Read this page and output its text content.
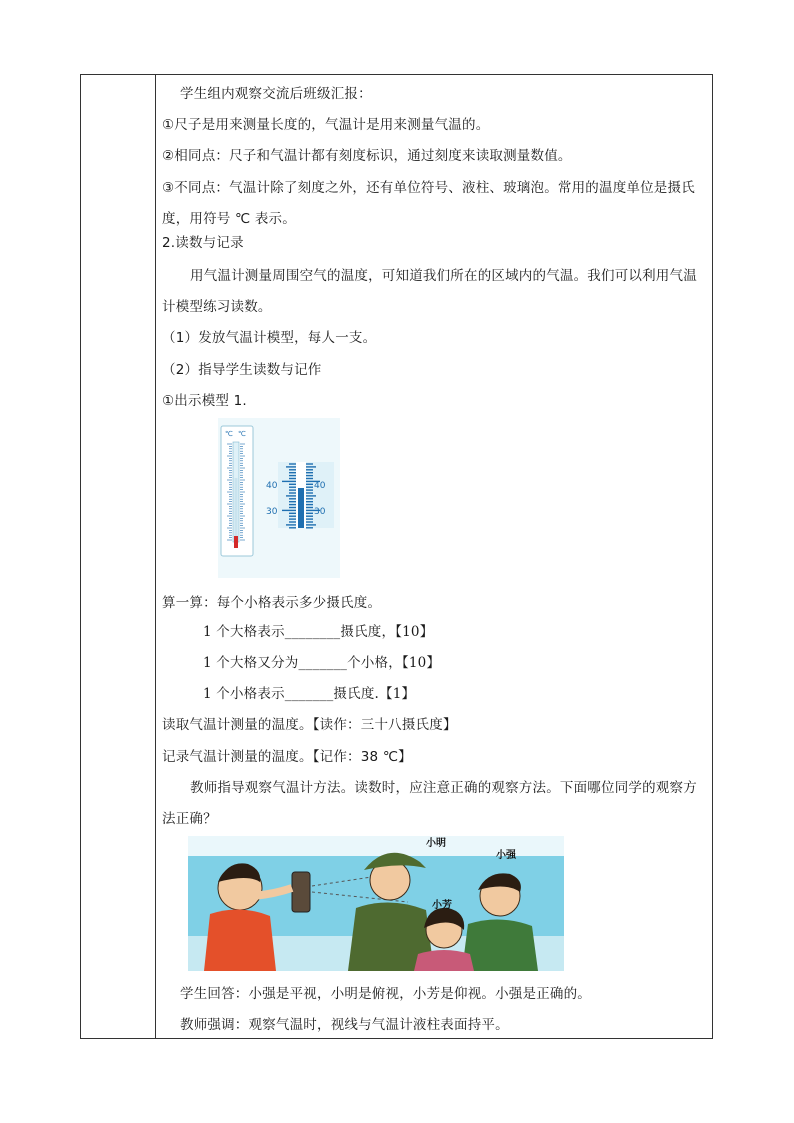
学生组内观察交流后班级汇报：
①尺子是用来测量长度的，气温计是用来测量气温的。
②相同点：尺子和气温计都有刻度标识，通过刻度来读取测量数值。
③不同点：气温计除了刻度之外，还有单位符号、液柱、玻璃泡。常用的温度单位是摄氏
度，用符号 ℃ 表示。
2.读数与记录
用气温计测量周围空气的温度，可知道我们所在的区域内的气温。我们可以利用气温
计模型练习读数。
（1）发放气温计模型，每人一支。
（2）指导学生读数与记作
①出示模型 1.
℃ ℃
40	40
30	30
算一算：每个小格表示多少摄氏度。
1 个大格表示________摄氏度，【10】
1 个大格又分为_______个小格，【10】
1 个小格表示_______摄氏度.【1】
读取气温计测量的温度。【读作：三十八摄氏度】
记录气温计测量的温度。【记作：38 ℃】
教师指导观察气温计方法。读数时，应注意正确的观察方法。下面哪位同学的观察方
法正确？
小明
小强
小芳
学生回答：小强是平视，小明是俯视，小芳是仰视。小强是正确的。
教师强调：观察气温时，视线与气温计液柱表面持平。
